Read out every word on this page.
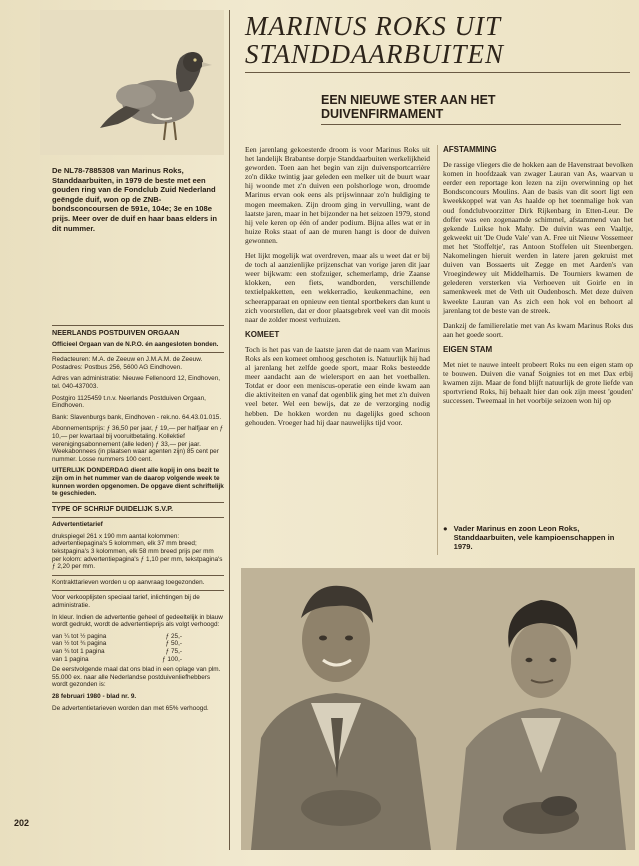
De NL78-7885308 van Marinus Roks, Standdaarbuiten, in 1979 de beste met een gouden ring van de Fondclub Zuid Nederland geëngde duif, won op de ZNB-bondsconcoursen de 591e, 104e; 3e en 108e prijs. Meer over de duif en haar baas elders in dit nummer.

NEERLANDS POSTDUIVEN ORGAAN

Officieel Orgaan van de N.P.O. én aangesloten bonden.

Redacteuren: M.A. de Zeeuw en J.M.A.M. de Zeeuw. Postadres: Postbus 256, 5600 AG Eindhoven.

Adres van administratie: Nieuwe Fellenoord 12, Eindhoven, tel. 040-437003.

Postgiro 1125459 t.n.v. Neerlands Postduiven Orgaan, Eindhoven.

Bank: Slavenburgs bank, Eindhoven - rek.no. 64.43.01.015.

Abonnementsprijs: ƒ 36,50 per jaar, ƒ 19,— per halfjaar en ƒ 10,— per kwartaal bij vooruitbetaling. Kollektief verenigingsabonnement (alle leden) ƒ 33,— per jaar. Weekabonnees (in plaatsen waar agenten zijn) 85 cent per nummer. Losse nummers 100 cent.

UITERLIJK DONDERDAG dient alle kopij in ons bezit te zijn om in het nummer van de daarop volgende week te kunnen worden opgenomen. De opgave dient schriftelijk te geschieden.

TYPE OF SCHRIJF DUIDELIJK S.V.P.

Advertentietarief

drukspiegel 261 x 190 mm aantal kolommen: advertentiepagina's 5 kolommen, elk 37 mm breed; tekstpagina's 3 kolommen, elk 58 mm breed prijs per mm per kolom: advertentiepagina's ƒ 1,10 per mm, tekstpagina's ƒ 2,20 per mm.

Kontrakttarieven worden u op aanvraag toegezonden.

Voor verkooplijsten speciaal tarief, inlichtingen bij de administratie.

In kleur. Indien de advertentie geheel of gedeeltelijk in blauw wordt gedrukt, wordt de advertentieprijs als volgt verhoogd:

van ¼ tot ½ pagina	ƒ 25,-
van ½ tot ¾ pagina	ƒ 50,-
van ¾ tot 1 pagina	ƒ 75,-
van 1 pagina	ƒ 100,-

De eerstvolgende maal dat ons blad in een oplage van plm. 55.000 ex. naar alle Nederlandse postduivenliefhebbers wordt gezonden is:

28 februari 1980 - blad nr. 9.

De advertentietarieven worden dan met 65% verhoogd.

202
MARINUS ROKS UIT
STANDDAARBUITEN
EEN NIEUWE STER AAN HET DUIVENFIRMAMENT

Een jarenlang gekoesterde droom is voor Marinus Roks uit het landelijk Brabantse dorpje Standdaarbuiten werkelijkheid geworden. Toen aan het begin van zijn duivensportcarrière zo'n dikke twintig jaar geleden een melker uit de buurt waar hij woonde met z'n duiven een polshorloge won, droomde Marinus ervan ook eens als prijswinnaar zo'n huldiging te mogen meemaken. Zijn droom ging in vervulling, want de laatste jaren, maar in het bijzonder na het seizoen 1979, stond hij vele keren op één of ander podium. Bijna alles wat er in huize Roks staat of aan de muren hangt is door de duiven gewonnen.

Het lijkt mogelijk wat overdreven, maar als u weet dat er bij de toch al aanzienlijke prijzenschat van vorige jaren dit jaar weer bijkwam: een stofzuiger, schemerlamp, drie Zaanse klokken, een fiets, wandborden, verschillende textielpakketten, een wekkerradio, keukenmachine, een scheerapparaat en opnieuw een tiental sportbekers dan kunt u zich voorstellen, dat er door plaatsgebrek veel van dit moois naar de zolder moest verhuizen.

KOMEET

Toch is het pas van de laatste jaren dat de naam van Marinus Roks als een komeet omhoog geschoten is. Natuurlijk hij had al jarenlang het zelfde goede sport, maar Roks besteedde meer aandacht aan de wielersport en aan het voetballen. Totdat er door een meniscus-operatie een einde kwam aan die aktiviteiten en vanaf dat ogenblik ging het met z'n duiven veel beter. Wel een bewijs, dat ze de verzorging nodig hebben. De hokken worden nu dagelijks goed schoon gehouden. Vroeger had hij daar nauwelijks tijd voor.

AFSTAMMING

De rassige vliegers die de hokken aan de Havenstraat bevolken komen in hoofdzaak van zwager Lauran van As, waarvan u eerder een reportage kon lezen na zijn overwinning op het Bondsconcours Moulins. Aan de basis van dit soort ligt een kweekkoppel wat van As haalde op het toenmalige hok van oud fondclubvoorzitter Dirk Rijkenbarg in Etten-Leur. De doffer was een zogenaamde schimmel, afstammend van het gekende Luikse hok Mahy. De duivin was een Vaaltje, gekweekt uit 'De Oude Vale' van A. Free uit Nieuw Vossemeer met het 'Stoffeltje', ras Antoon Stoffelen uit Steenbergen. Nakomelingen hieruit werden in latere jaren gekruist met duiven van Bossaerts uit Zegge en met Aarden's van Vroegindewey uit Middelharnis. De Tourniers kwamen de gelederen versterken via Verhoeven uit Goirle en in samenkweek met de Veth uit Oudenbosch. Met deze duiven kweekte Lauran van As zich een hok vol en behoort al jarenlang tot de beste van de streek.

Dankzij de familierelatie met van As kwam Marinus Roks dus aan het goede soort.

EIGEN STAM

Met niet te nauwe inteelt probeert Roks nu een eigen stam op te bouwen. Duiven die vanaf Soignies tot en met Dax erbij kwamen zijn. Maar de fond blijft natuurlijk de grote liefde van sportvriend Roks, hij behaalt hier dan ook zijn meest 'gouden' successen. Tweemaal in het voorbije seizoen won hij op

● Vader Marinus en zoon Leon Roks, Standdaarbuiten, vele kampioenschappen in 1979.
